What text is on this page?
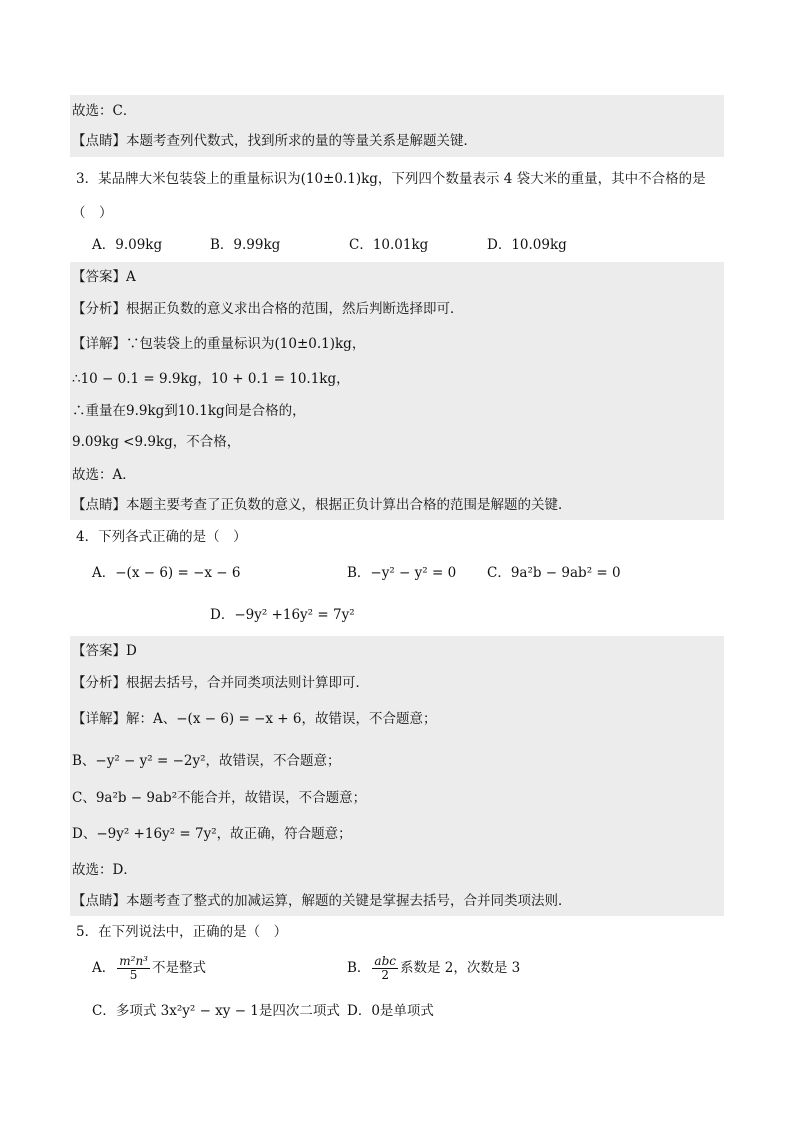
故选：C．
【点睛】本题考查列代数式，找到所求的量的等量关系是解题关键．
3．某品牌大米包装袋上的重量标识为(10±0.1)kg，下列四个数量表示 4 袋大米的重量，其中不合格的是
（　）
A．9.09kg	B．9.99kg	C．10.01kg	D．10.09kg
【答案】A
【分析】根据正负数的意义求出合格的范围，然后判断选择即可．
【详解】∵包装袋上的重量标识为(10±0.1)kg，
∴10 − 0.1 = 9.9kg，10 + 0.1 = 10.1kg，
∴重量在9.9kg到10.1kg间是合格的，
9.09kg <9.9kg，不合格，
故选：A．
【点睛】本题主要考查了正负数的意义，根据正负计算出合格的范围是解题的关键．
4．下列各式正确的是（　）
A．−(x − 6) = −x − 6	B．−y² − y² = 0 C．9a²b − 9ab² = 0
D．−9y² +16y² = 7y²
【答案】D
【分析】根据去括号，合并同类项法则计算即可．
【详解】解：A、−(x − 6) = −x + 6，故错误，不合题意；
B、−y² − y² = −2y²，故错误，不合题意；
C、9a²b − 9ab²不能合并，故错误，不合题意；
D、−9y² +16y² = 7y²，故正确，符合题意；
故选：D．
【点睛】本题考查了整式的加减运算，解题的关键是掌握去括号，合并同类项法则．
5．在下列说法中，正确的是（　）
A． $\frac{\text{m²n³}}{5}$ 不是整式	B． $\frac{\text{abc}}{2}$ 系数是 2，次数是 3
C．多项式 3x²y² − xy − 1是四次二项式 D．0是单项式
